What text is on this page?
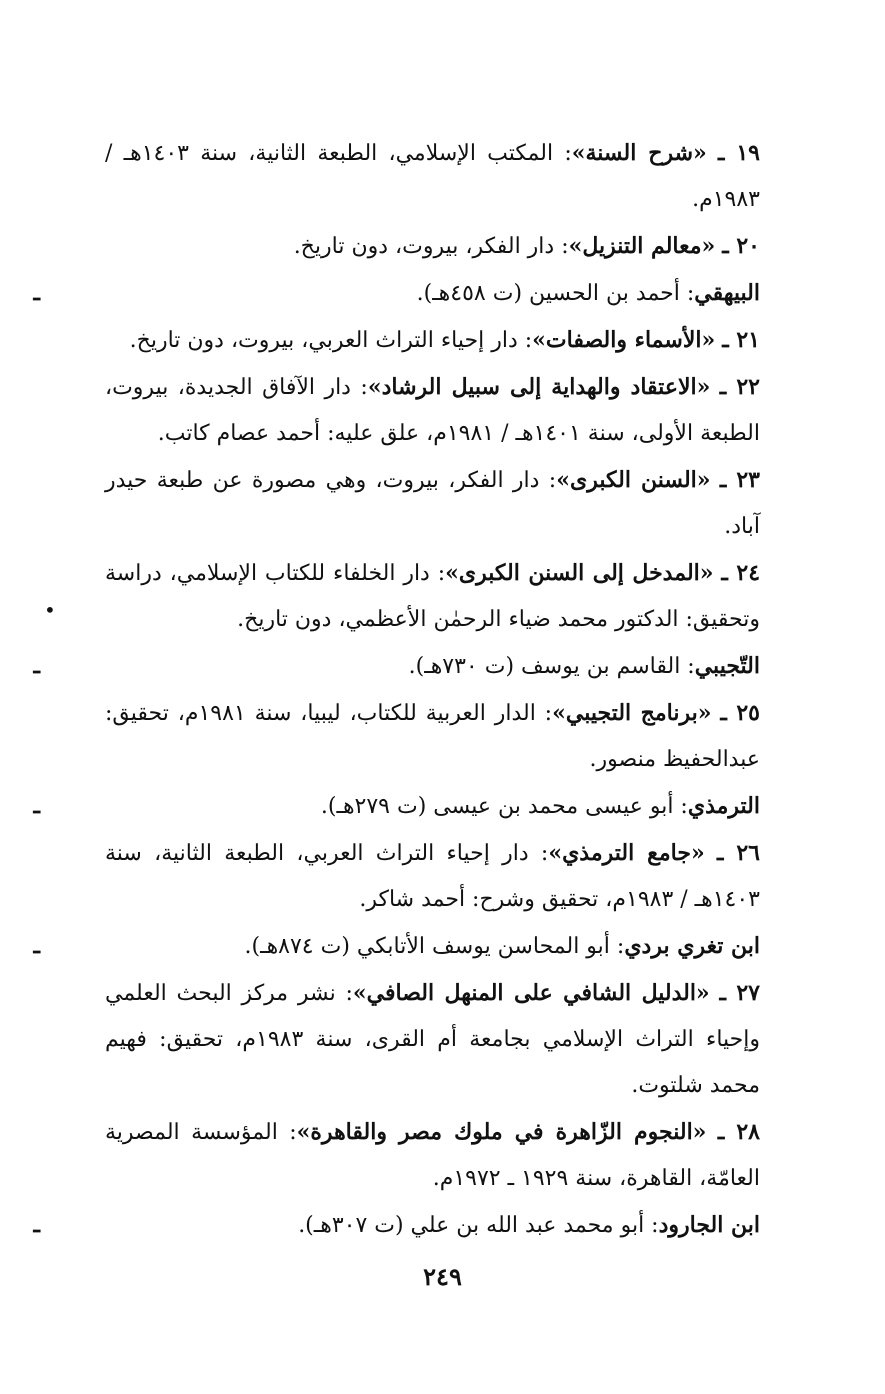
١٩ ـ «شرح السنة»: المكتب الإسلامي، الطبعة الثانية، سنة ١٤٠٣هـ / ١٩٨٣م.
٢٠ ـ «معالم التنزيل»: دار الفكر، بيروت، دون تاريخ.
ـ	البيهقي: أحمد بن الحسين (ت ٤٥٨هـ).
٢١ ـ «الأسماء والصفات»: دار إحياء التراث العربي، بيروت، دون تاريخ.
٢٢ ـ «الاعتقاد والهداية إلى سبيل الرشاد»: دار الآفاق الجديدة، بيروت، الطبعة الأولى، سنة ١٤٠١هـ / ١٩٨١م، علق عليه: أحمد عصام كاتب.
٢٣ ـ «السنن الكبرى»: دار الفكر، بيروت، وهي مصورة عن طبعة حيدر آباد.
٢٤ ـ «المدخل إلى السنن الكبرى»: دار الخلفاء للكتاب الإسلامي، دراسة وتحقيق: الدكتور محمد ضياء الرحمٰن الأعظمي، دون تاريخ.
ـ	التّجيبي: القاسم بن يوسف (ت ٧٣٠هـ).
٢٥ ـ «برنامج التجيبي»: الدار العربية للكتاب، ليبيا، سنة ١٩٨١م، تحقيق: عبدالحفيظ منصور.
ـ	الترمذي: أبو عيسى محمد بن عيسى (ت ٢٧٩هـ).
٢٦ ـ «جامع الترمذي»: دار إحياء التراث العربي، الطبعة الثانية، سنة ١٤٠٣هـ / ١٩٨٣م، تحقيق وشرح: أحمد شاكر.
ـ	ابن تغري بردي: أبو المحاسن يوسف الأتابكي (ت ٨٧٤هـ).
٢٧ ـ «الدليل الشافي على المنهل الصافي»: نشر مركز البحث العلمي وإحياء التراث الإسلامي بجامعة أم القرى، سنة ١٩٨٣م، تحقيق: فهيم محمد شلتوت.
٢٨ ـ «النجوم الزّاهرة في ملوك مصر والقاهرة»: المؤسسة المصرية العامّة، القاهرة، سنة ١٩٢٩ ـ ١٩٧٢م.
ـ	ابن الجارود: أبو محمد عبد الله بن علي (ت ٣٠٧هـ).
•
٢٤٩
